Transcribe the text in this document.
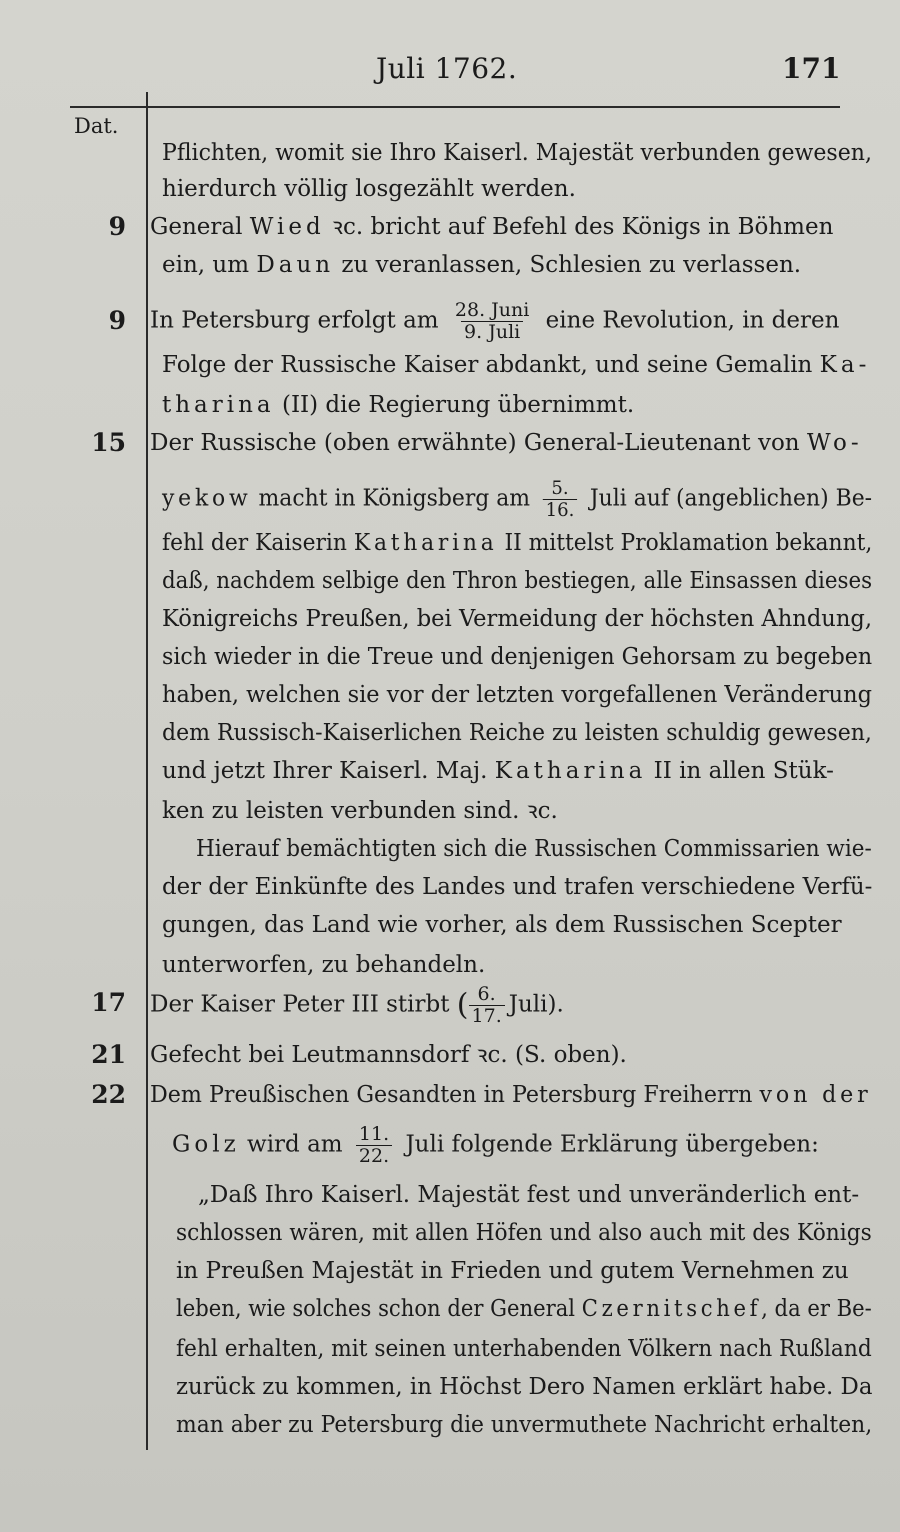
Juli 1762.	171
Dat.
9
9
15
17
21
22
Pflichten, womit sie Ihro Kaiserl. Majestät verbunden gewesen,
hierdurch völlig losgezählt werden.
General Wied ꝛc. bricht auf Befehl des Königs in Böhmen
ein, um Daun zu veranlassen, Schlesien zu verlassen.
In Petersburg erfolgt am $\frac{\text{28. Juni}}{\text{9. Juli}}$ eine Revolution, in deren
Folge der Russische Kaiser abdankt, und seine Gemalin Ka-
tharina (II) die Regierung übernimmt.
Der Russische (oben erwähnte) General-Lieutenant von Wo-
yekow macht in Königsberg am $\frac{5.}{16.}$ Juli auf (angeblichen) Be-
fehl der Kaiserin Katharina II mittelst Proklamation bekannt,
daß, nachdem selbige den Thron bestiegen, alle Einsassen dieses
Königreichs Preußen, bei Vermeidung der höchsten Ahndung,
sich wieder in die Treue und denjenigen Gehorsam zu begeben
haben, welchen sie vor der letzten vorgefallenen Veränderung
dem Russisch-Kaiserlichen Reiche zu leisten schuldig gewesen,
und jetzt Ihrer Kaiserl. Maj. Katharina II in allen Stük-
ken zu leisten verbunden sind. ꝛc.
Hierauf bemächtigten sich die Russischen Commissarien wie-
der der Einkünfte des Landes und trafen verschiedene Verfü-
gungen, das Land wie vorher, als dem Russischen Scepter
unterworfen, zu behandeln.
Der Kaiser Peter III stirbt ( $\frac{6.}{17.}$ Juli).
Gefecht bei Leutmannsdorf ꝛc. (S. oben).
Dem Preußischen Gesandten in Petersburg Freiherrn von der
Golz wird am $\frac{11.}{22.}$ Juli folgende Erklärung übergeben:
„Daß Ihro Kaiserl. Majestät fest und unveränderlich ent-
schlossen wären, mit allen Höfen und also auch mit des Königs
in Preußen Majestät in Frieden und gutem Vernehmen zu
leben, wie solches schon der General Czernitschef, da er Be-
fehl erhalten, mit seinen unterhabenden Völkern nach Rußland
zurück zu kommen, in Höchst Dero Namen erklärt habe. Da
man aber zu Petersburg die unvermuthete Nachricht erhalten,
